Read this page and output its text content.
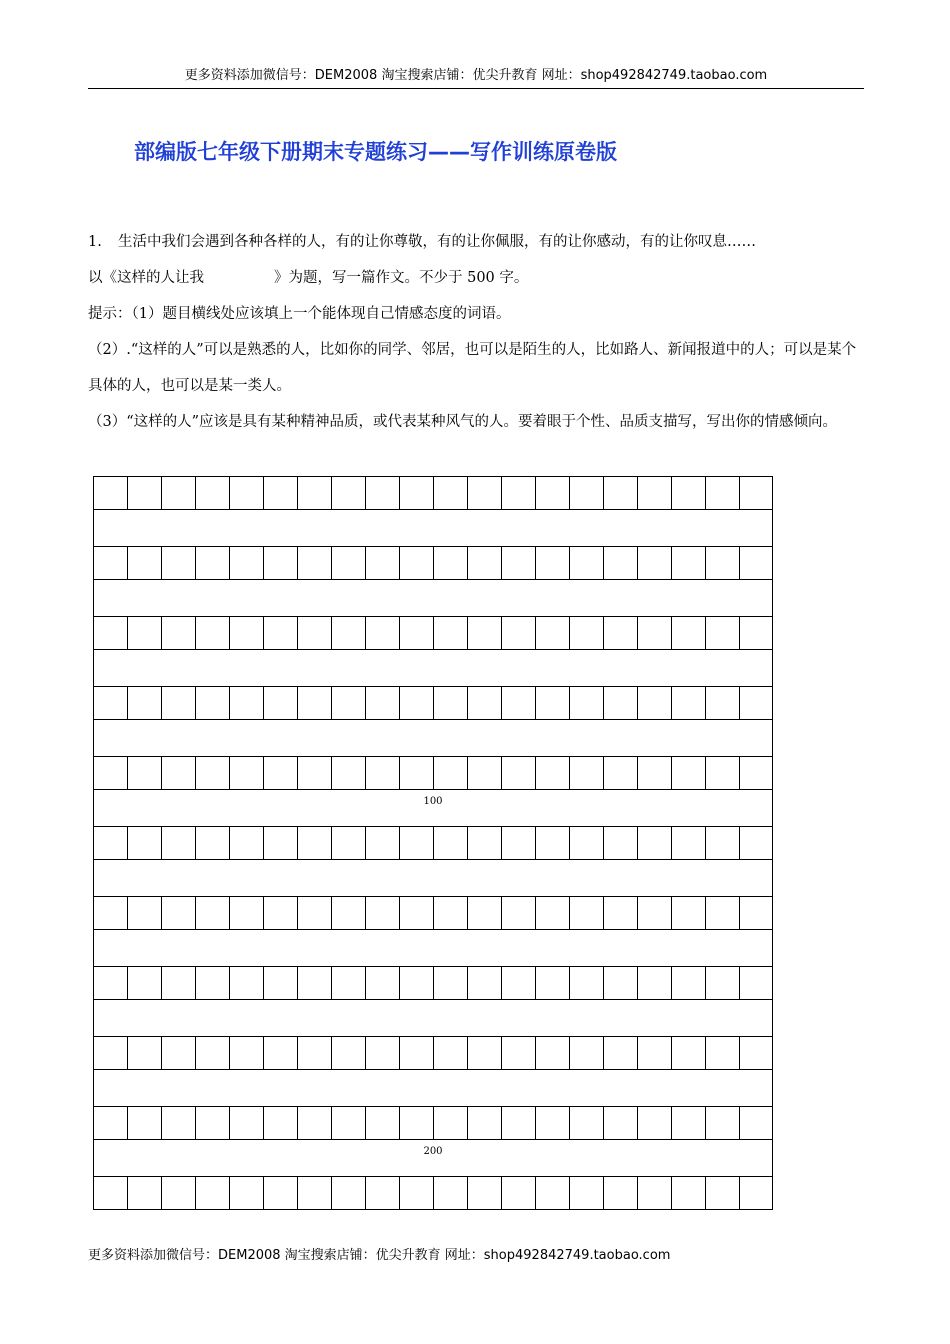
更多资料添加微信号：DEM2008 淘宝搜索店铺：优尖升教育 网址：shop492842749.taobao.com
部编版七年级下册期末专题练习——写作训练原卷版

1. 生活中我们会遇到各种各样的人，有的让你尊敬，有的让你佩服，有的让你感动，有的让你叹息……

以《这样的人让我	》为题，写一篇作文。不少于 500 字。

提示：（1）题目横线处应该填上一个能体现自己情感态度的词语。

（2）.“这样的人”可以是熟悉的人，比如你的同学、邻居，也可以是陌生的人，比如路人、新闻报道中的人；可以是某个具体的人，也可以是某一类人。

（3）“这样的人”应该是具有某种精神品质，或代表某种风气的人。要着眼于个性、品质支描写，写出你的情感倾向。

100
200
更多资料添加微信号：DEM2008 淘宝搜索店铺：优尖升教育 网址：shop492842749.taobao.com
